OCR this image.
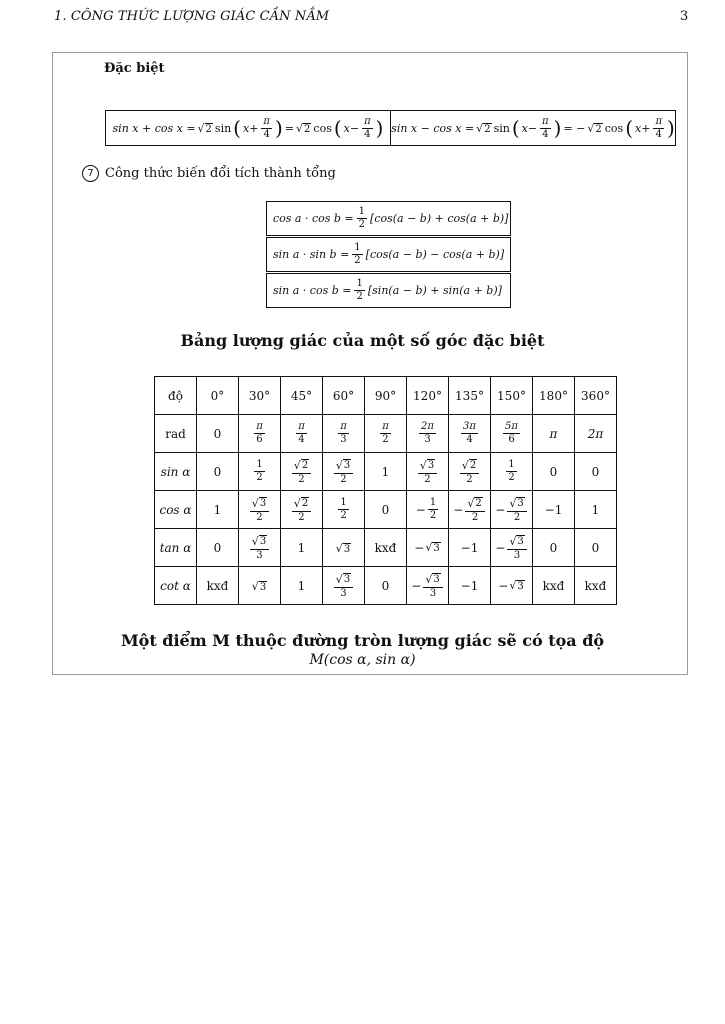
1. CÔNG THỨC LƯỢNG GIÁC CẦN NẮM	3
Đặc biệt
sin x + cos x = √ 2 sin ( $x+ \frac{\pi}{4}$ ) = √ 2 cos ( $x- \frac{\pi}{4}$ ) sin x − cos x = √ 2 sin ( $x- \frac{\pi}{4}$ ) = − √ 2 cos ( $x+ \frac{\pi}{4}$ )
7 Công thức biến đổi tích thành tổng
$\cos a \cdot \cos b = \frac{1}{2} [\cos(a - b) + \cos(a + b)]$
$\sin a \cdot \sin b = \frac{1}{2} [\cos(a - b) - \cos(a + b)]$
$\sin a \cdot \cos b = \frac{1}{2} [\sin(a - b) + \sin(a + b)]$
Bảng lượng giác của một số góc đặc biệt
độ	0°	30°	45°	60°	90°	120°	135°	150°	180°	360°
rad	0	$\frac{\pi}{6}$	$\frac{\pi}{4}$	$\frac{\pi}{3}$	$\frac{\pi}{2}$	$\frac{2\pi}{3}$	$\frac{3\pi}{4}$	$\frac{5\pi}{6}$	π	2π
sin α	0	$\frac{1}{2}$	$\frac{√ 2}{2}$	$\frac{√ 3}{2}$	1	$\frac{√ 3}{2}$	$\frac{√ 2}{2}$	$\frac{1}{2}$	0	0
cos α	1	$\frac{√ 3}{2}$	$\frac{√ 2}{2}$	$\frac{1}{2}$	0	− $\frac{1}{2}$	− $\frac{√ 2}{2}$	− $\frac{√ 3}{2}$	−1	1
tan α	0	$\frac{√ 3}{3}$	1	√ 3	kxđ	− √ 3	−1	− $\frac{√ 3}{3}$	0	0
cot α	kxđ	√ 3	1	$\frac{√ 3}{3}$	0	− $\frac{√ 3}{3}$	−1	− √ 3	kxđ	kxđ
Một điểm M thuộc đường tròn lượng giác sẽ có tọa độ
M(cos α, sin α)
